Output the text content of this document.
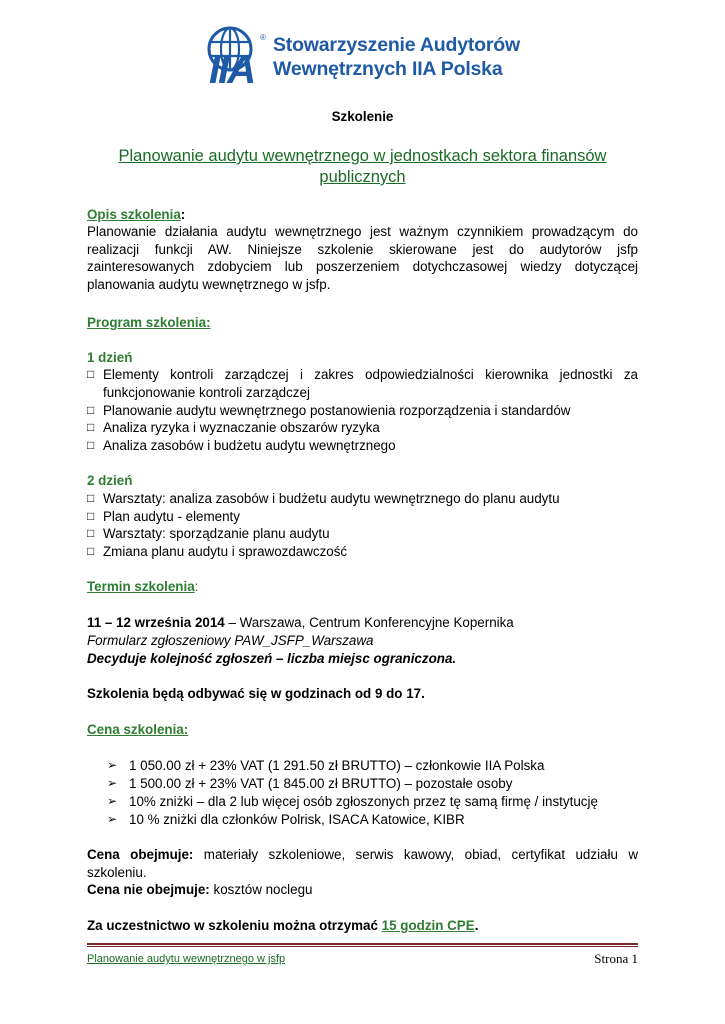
IIA
® Stowarzyszenie Audytorów
Wewnętrznych IIA Polska
Szkolenie
Planowanie audytu wewnętrznego w jednostkach sektora finansów publicznych
Opis szkolenia:
Planowanie działania audytu wewnętrznego jest ważnym czynnikiem prowadzącym do realizacji funkcji AW. Niniejsze szkolenie skierowane jest do audytorów jsfp zainteresowanych zdobyciem lub poszerzeniem dotychczasowej wiedzy dotyczącej planowania audytu wewnętrznego w jsfp.
Program szkolenia:
1 dzień
□ Elementy kontroli zarządczej i zakres odpowiedzialności kierownika jednostki za funkcjonowanie kontroli zarządczej
□ Planowanie audytu wewnętrznego postanowienia rozporządzenia i standardów
□ Analiza ryzyka i wyznaczanie obszarów ryzyka
□ Analiza zasobów i budżetu audytu wewnętrznego
2 dzień
□ Warsztaty: analiza zasobów i budżetu audytu wewnętrznego do planu audytu
□ Plan audytu - elementy
□ Warsztaty: sporządzanie planu audytu
□ Zmiana planu audytu i sprawozdawczość
Termin szkolenia:
11 – 12 września 2014 – Warszawa, Centrum Konferencyjne Kopernika
Formularz zgłoszeniowy PAW_JSFP_Warszawa
Decyduje kolejność zgłoszeń – liczba miejsc ograniczona.
Szkolenia będą odbywać się w godzinach od 9 do 17.
Cena szkolenia:
➢ 1 050.00 zł + 23% VAT (1 291.50 zł BRUTTO) – członkowie IIA Polska
➢ 1 500.00 zł + 23% VAT (1 845.00 zł BRUTTO) – pozostałe osoby
➢ 10% zniżki – dla 2 lub więcej osób zgłoszonych przez tę samą firmę / instytucję
➢ 10 % zniżki dla członków Polrisk, ISACA Katowice, KIBR
Cena obejmuje: materiały szkoleniowe, serwis kawowy, obiad, certyfikat udziału w szkoleniu.
Cena nie obejmuje: kosztów noclegu
Za uczestnictwo w szkoleniu można otrzymać 15 godzin CPE.
Planowanie audytu wewnętrznego w jsfp	Strona 1
